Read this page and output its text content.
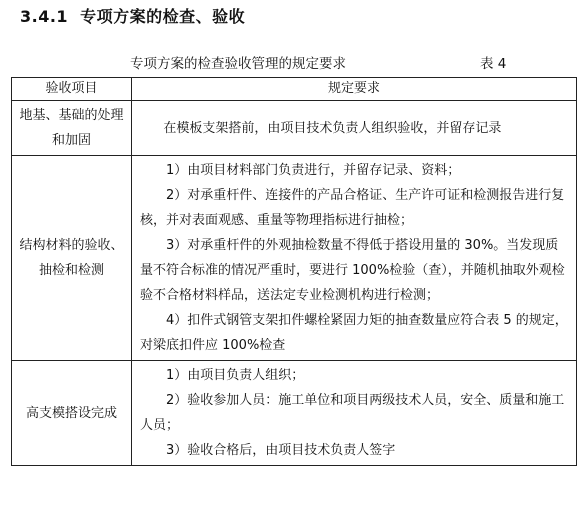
3.4.1 专项方案的检查、验收
专项方案的检查验收管理的规定要求	表 4
验收项目	规定要求
地基、基础的处理和加固	在模板支架搭前，由项目技术负责人组织验收，并留存记录

结构材料的验收、抽检和检测	1）由项目材料部门负责进行，并留存记录、资料；
2）对承重杆件、连接件的产品合格证、生产许可证和检测报告进行复核，并对表面观感、重量等物理指标进行抽检；
3）对承重杆件的外观抽检数量不得低于搭设用量的 30%。当发现质量不符合标准的情况严重时，要进行 100%检验（查），并随机抽取外观检验不合格材料样品，送法定专业检测机构进行检测；
4）扣件式钢管支架扣件螺栓紧固力矩的抽查数量应符合表 5 的规定，对梁底扣件应 100%检查

高支模搭设完成	1）由项目负责人组织；
2）验收参加人员：施工单位和项目两级技术人员，安全、质量和施工人员；
3）验收合格后，由项目技术负责人签字
